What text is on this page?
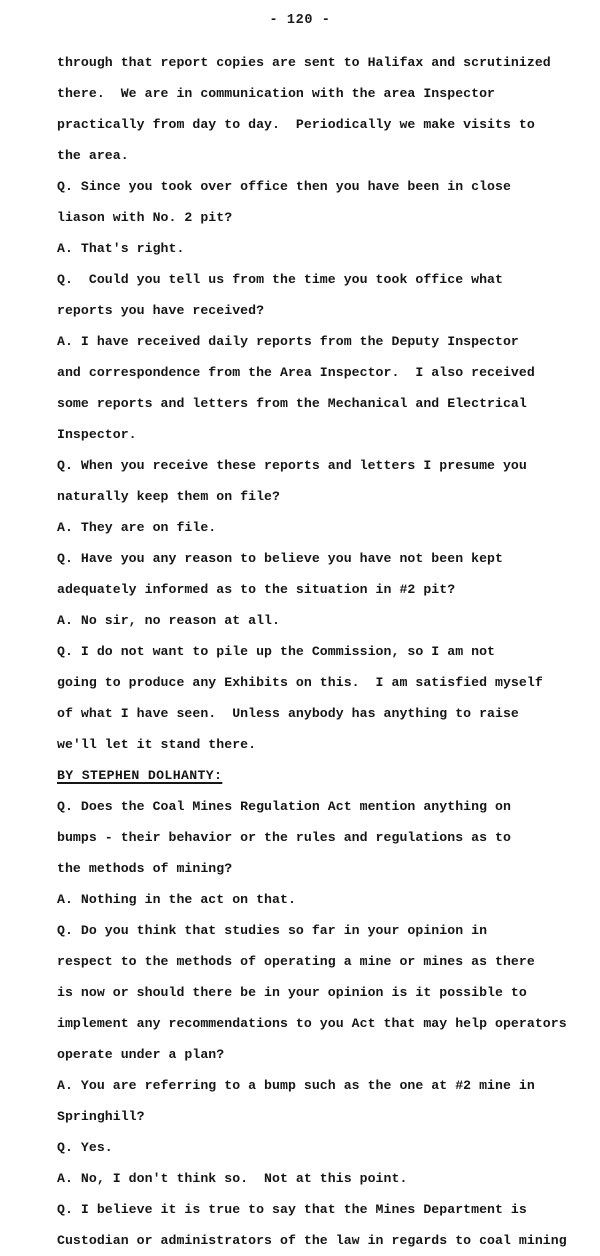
- 120 -
through that report copies are sent to Halifax and scrutinized
there.  We are in communication with the area Inspector
practically from day to day.  Periodically we make visits to
the area.
Q. Since you took over office then you have been in close
liason with No. 2 pit?
A. That's right.
Q.  Could you tell us from the time you took office what
reports you have received?
A. I have received daily reports from the Deputy Inspector
and correspondence from the Area Inspector.  I also received
some reports and letters from the Mechanical and Electrical
Inspector.
Q. When you receive these reports and letters I presume you
naturally keep them on file?
A. They are on file.
Q. Have you any reason to believe you have not been kept
adequately informed as to the situation in #2 pit?
A. No sir, no reason at all.
Q. I do not want to pile up the Commission, so I am not
going to produce any Exhibits on this.  I am satisfied myself
of what I have seen.  Unless anybody has anything to raise
we'll let it stand there.
BY STEPHEN DOLHANTY:
Q. Does the Coal Mines Regulation Act mention anything on
bumps - their behavior or the rules and regulations as to
the methods of mining?
A. Nothing in the act on that.
Q. Do you think that studies so far in your opinion in
respect to the methods of operating a mine or mines as there
is now or should there be in your opinion is it possible to
implement any recommendations to you Act that may help operators
operate under a plan?
A. You are referring to a bump such as the one at #2 mine in
Springhill?
Q. Yes.
A. No, I don't think so.  Not at this point.
Q. I believe it is true to say that the Mines Department is
Custodian or administrators of the law in regards to coal mining
